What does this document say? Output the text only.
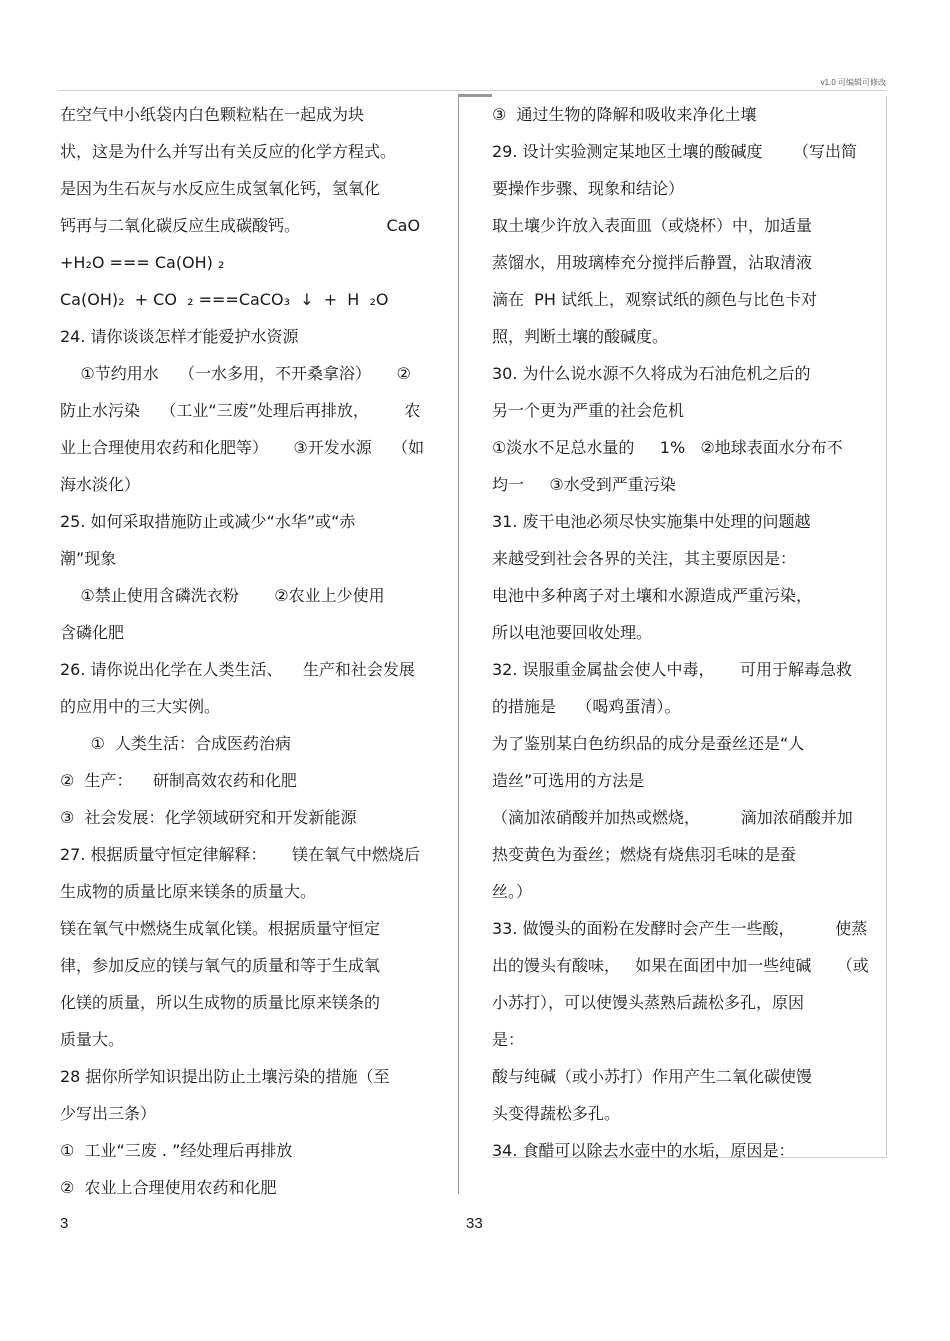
v1.0 可编辑可修改
在空气中小纸袋内白色颗粒粘在一起成为块
状，这是为什么并写出有关反应的化学方程式。
是因为生石灰与水反应生成氢氧化钙，氢氧化
钙再与二氧化碳反应生成碳酸钙。                 CaO
+H₂O === Ca(OH) ₂
Ca(OH)₂  + CO  ₂ ===CaCO₃  ↓  +  H  ₂O
24. 请你谈谈怎样才能爱护水资源
①节约用水    （一水多用，不开桑拿浴）     ②
防止水污染    （工业“三废”处理后再排放，       农
业上合理使用农药和化肥等）     ③开发水源    （如
海水淡化）
25. 如何采取措施防止或减少“水华”或“赤
潮”现象
①禁止使用含磷洗衣粉       ②农业上少使用
含磷化肥
26. 请你说出化学在人类生活、    生产和社会发展
的应用中的三大实例。
①  人类生活：合成医药治病
②  生产：    研制高效农药和化肥
③  社会发展：化学领域研究和开发新能源
27. 根据质量守恒定律解释：     镁在氧气中燃烧后
生成物的质量比原来镁条的质量大。
镁在氧气中燃烧生成氧化镁。根据质量守恒定
律，参加反应的镁与氧气的质量和等于生成氧
化镁的质量，所以生成物的质量比原来镁条的
质量大。
28 据你所学知识提出防止土壤污染的措施（至
少写出三条）
①  工业“三废 . ”经处理后再排放
②  农业上合理使用农药和化肥
③  通过生物的降解和吸收来净化土壤
29. 设计实验测定某地区土壤的酸碱度      （写出简
要操作步骤、现象和结论）
取土壤少许放入表面皿（或烧杯）中，加适量
蒸馏水，用玻璃棒充分搅拌后静置，沾取清液
滴在  PH 试纸上，观察试纸的颜色与比色卡对
照，判断土壤的酸碱度。
30. 为什么说水源不久将成为石油危机之后的
另一个更为严重的社会危机
①淡水不足总水量的     1%   ②地球表面水分布不
均一     ③水受到严重污染
31. 废干电池必须尽快实施集中处理的问题越
来越受到社会各界的关注，其主要原因是：
电池中多种离子对土壤和水源造成严重污染，
所以电池要回收处理。
32. 误服重金属盐会使人中毒，     可用于解毒急救
的措施是    （喝鸡蛋清）。
为了鉴别某白色纺织品的成分是蚕丝还是“人
造丝”可选用的方法是
（滴加浓硝酸并加热或燃烧，        滴加浓硝酸并加
热变黄色为蚕丝；燃烧有烧焦羽毛味的是蚕
丝。）
33. 做馒头的面粉在发酵时会产生一些酸，        使蒸
出的馒头有酸味，   如果在面团中加一些纯碱     （或
小苏打），可以使馒头蒸熟后蔬松多孔，原因
是：
酸与纯碱（或小苏打）作用产生二氧化碳使馒
头变得蔬松多孔。
34. 食醋可以除去水壶中的水垢，原因是：
3	33
